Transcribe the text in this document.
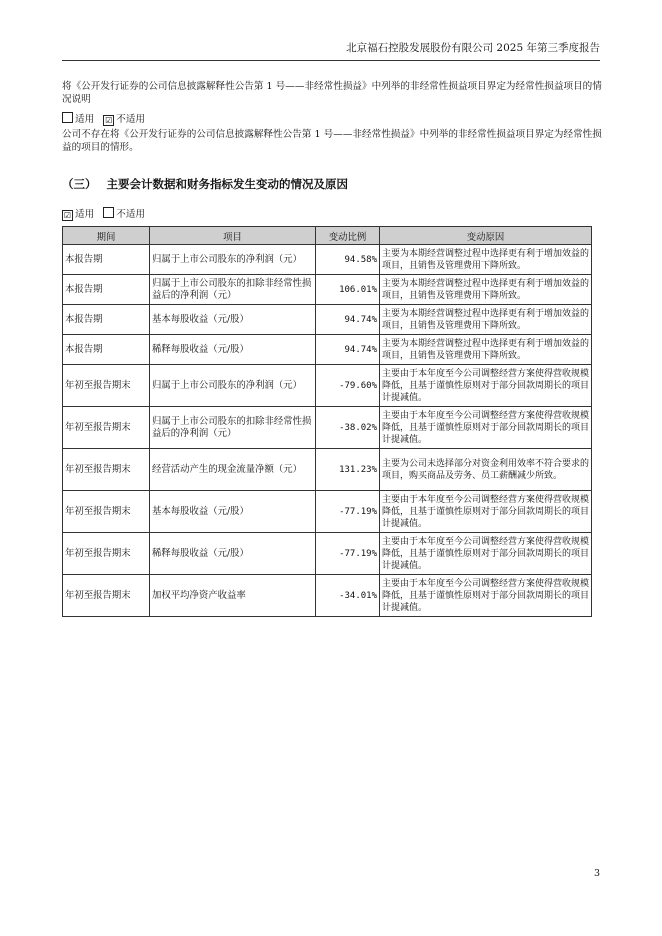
北京福石控股发展股份有限公司 2025 年第三季度报告
将《公开发行证券的公司信息披露解释性公告第 1 号——非经常性损益》中列举的非经常性损益项目界定为经常性损益项目的情况说明
适用 ☑ 不适用
公司不存在将《公开发行证券的公司信息披露解释性公告第 1 号——非经常性损益》中列举的非经常性损益项目界定为经常性损益的项目的情形。
（三） 主要会计数据和财务指标发生变动的情况及原因
☑ 适用 不适用
期间	项目	变动比例	变动原因
本报告期	归属于上市公司股东的净利润（元）	94.58%	主要为本期经营调整过程中选择更有利于增加效益的项目，且销售及管理费用下降所致。
本报告期	归属于上市公司股东的扣除非经常性损益后的净利润（元）	106.01%	主要为本期经营调整过程中选择更有利于增加效益的项目，且销售及管理费用下降所致。
本报告期	基本每股收益（元/股）	94.74%	主要为本期经营调整过程中选择更有利于增加效益的项目，且销售及管理费用下降所致。
本报告期	稀释每股收益（元/股）	94.74%	主要为本期经营调整过程中选择更有利于增加效益的项目，且销售及管理费用下降所致。
年初至报告期末	归属于上市公司股东的净利润（元）	-79.60%	主要由于本年度至今公司调整经营方案使得营收规模降低，且基于谨慎性原则对于部分回款周期长的项目计提减值。
年初至报告期末	归属于上市公司股东的扣除非经常性损益后的净利润（元）	-38.02%	主要由于本年度至今公司调整经营方案使得营收规模降低，且基于谨慎性原则对于部分回款周期长的项目计提减值。
年初至报告期末	经营活动产生的现金流量净额（元）	131.23%	主要为公司未选择部分对资金利用效率不符合要求的项目，购买商品及劳务、员工薪酬减少所致。
年初至报告期末	基本每股收益（元/股）	-77.19%	主要由于本年度至今公司调整经营方案使得营收规模降低，且基于谨慎性原则对于部分回款周期长的项目计提减值。
年初至报告期末	稀释每股收益（元/股）	-77.19%	主要由于本年度至今公司调整经营方案使得营收规模降低，且基于谨慎性原则对于部分回款周期长的项目计提减值。
年初至报告期末	加权平均净资产收益率	-34.01%	主要由于本年度至今公司调整经营方案使得营收规模降低，且基于谨慎性原则对于部分回款周期长的项目计提减值。
3
